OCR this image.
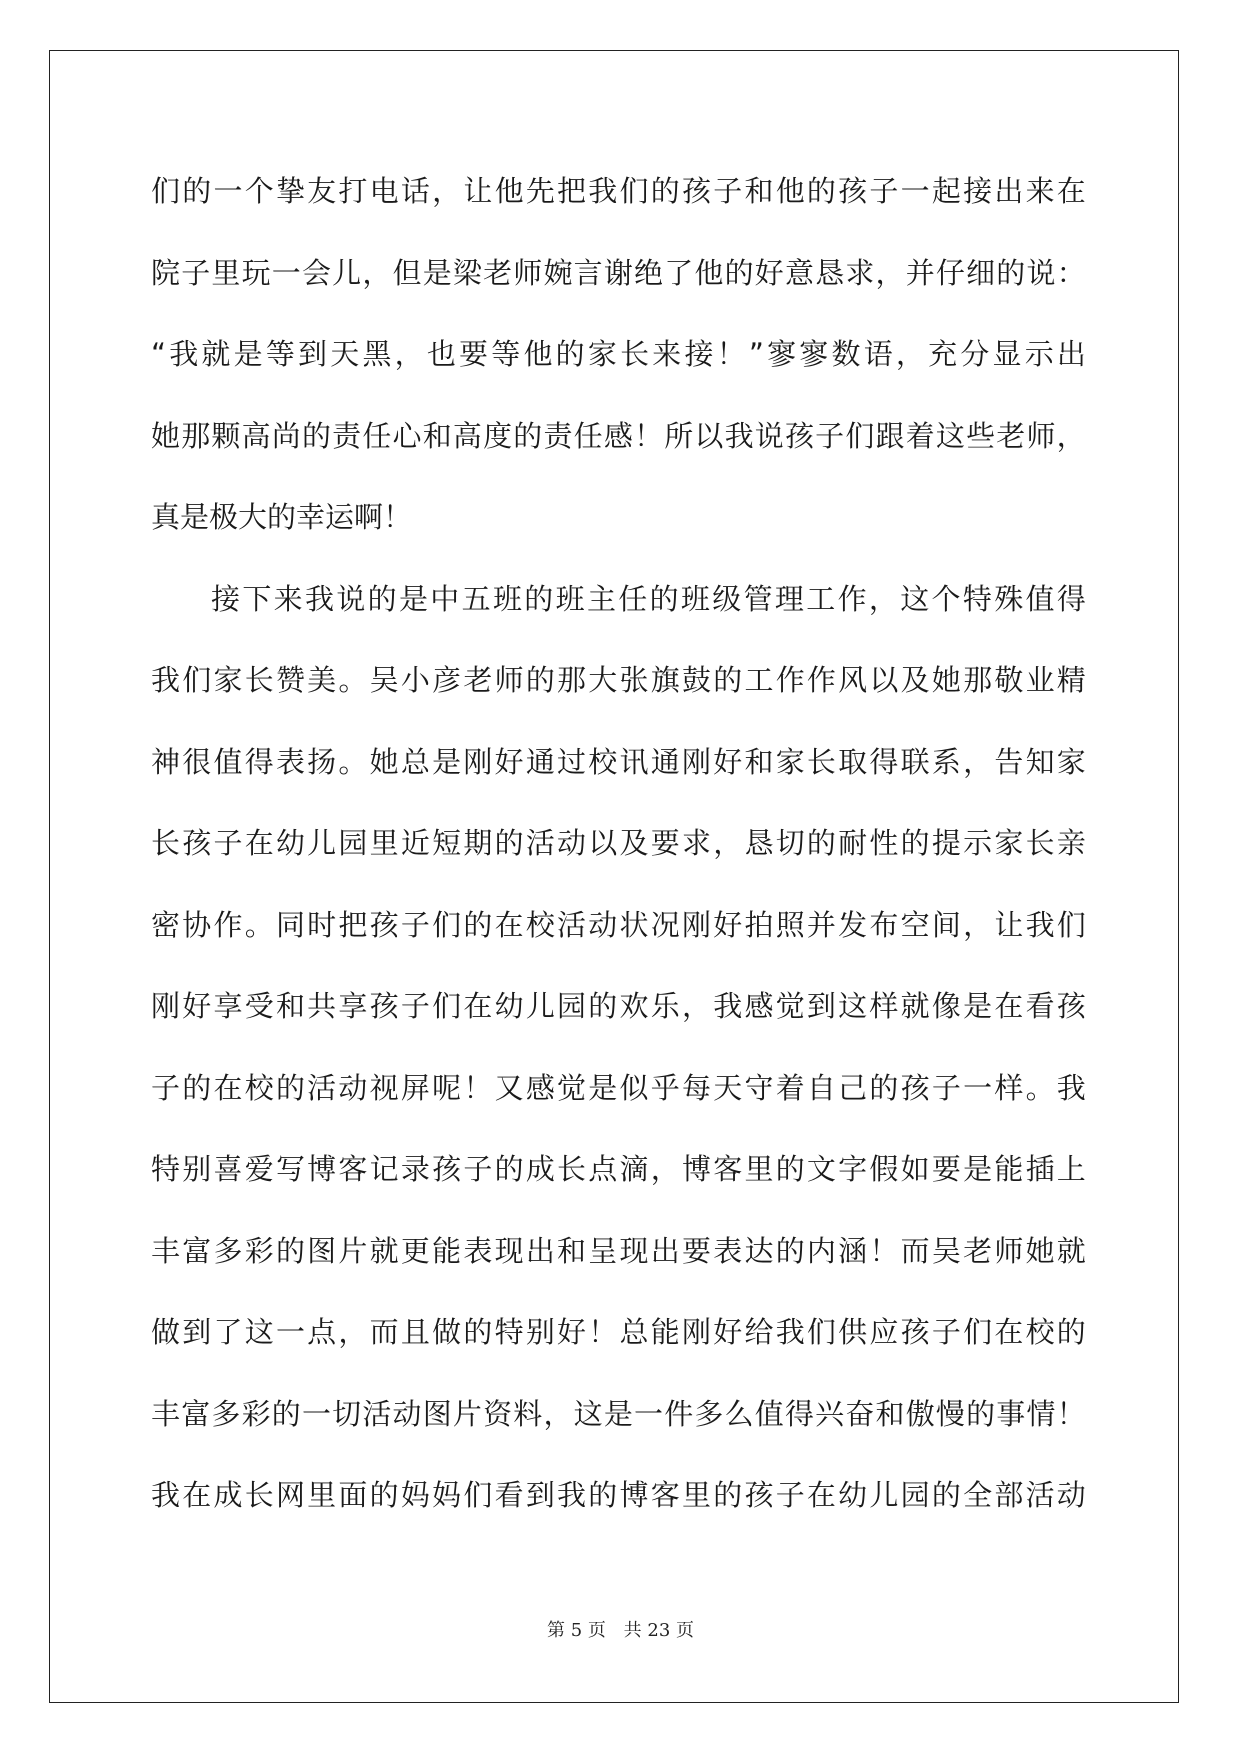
们 的 一 个 挚 友 打 电 话 ， 让 他 先 把 我 们 的 孩 子 和 他 的 孩 子 一 起 接 出 来 在
院 子 里 玩 一 会 儿 ， 但 是 梁 老 师 婉 言 谢 绝 了 他 的 好 意 恳 求 ， 并 仔 细 的 说 ：
“ 我 就 是 等 到 天 黑 ， 也 要 等 他 的 家 长 来 接 ！ ” 寥 寥 数 语 ， 充 分 显 示 出
她 那 颗 高 尚 的 责 任 心 和 高 度 的 责 任 感 ！ 所 以 我 说 孩 子 们 跟 着 这 些 老 师 ，
真是极大的幸运啊！
接 下 来 我 说 的 是 中 五 班 的 班 主 任 的 班 级 管 理 工 作 ， 这 个 特 殊 值 得
我 们 家 长 赞 美 。 吴 小 彦 老 师 的 那 大 张 旗 鼓 的 工 作 作 风 以 及 她 那 敬 业 精
神 很 值 得 表 扬 。 她 总 是 刚 好 通 过 校 讯 通 刚 好 和 家 长 取 得 联 系 ， 告 知 家
长 孩 子 在 幼 儿 园 里 近 短 期 的 活 动 以 及 要 求 ， 恳 切 的 耐 性 的 提 示 家 长 亲
密 协 作 。 同 时 把 孩 子 们 的 在 校 活 动 状 况 刚 好 拍 照 并 发 布 空 间 ， 让 我 们
刚 好 享 受 和 共 享 孩 子 们 在 幼 儿 园 的 欢 乐 ， 我 感 觉 到 这 样 就 像 是 在 看 孩
子 的 在 校 的 活 动 视 屏 呢 ！ 又 感 觉 是 似 乎 每 天 守 着 自 己 的 孩 子 一 样 。 我
特 别 喜 爱 写 博 客 记 录 孩 子 的 成 长 点 滴 ， 博 客 里 的 文 字 假 如 要 是 能 插 上
丰 富 多 彩 的 图 片 就 更 能 表 现 出 和 呈 现 出 要 表 达 的 内 涵 ！ 而 吴 老 师 她 就
做 到 了 这 一 点 ， 而 且 做 的 特 别 好 ！ 总 能 刚 好 给 我 们 供 应 孩 子 们 在 校 的
丰 富 多 彩 的 一 切 活 动 图 片 资 料 ， 这 是 一 件 多 么 值 得 兴 奋 和 傲 慢 的 事 情 ！
我 在 成 长 网 里 面 的 妈 妈 们 看 到 我 的 博 客 里 的 孩 子 在 幼 儿 园 的 全 部 活 动
第 5 页 共 23 页
